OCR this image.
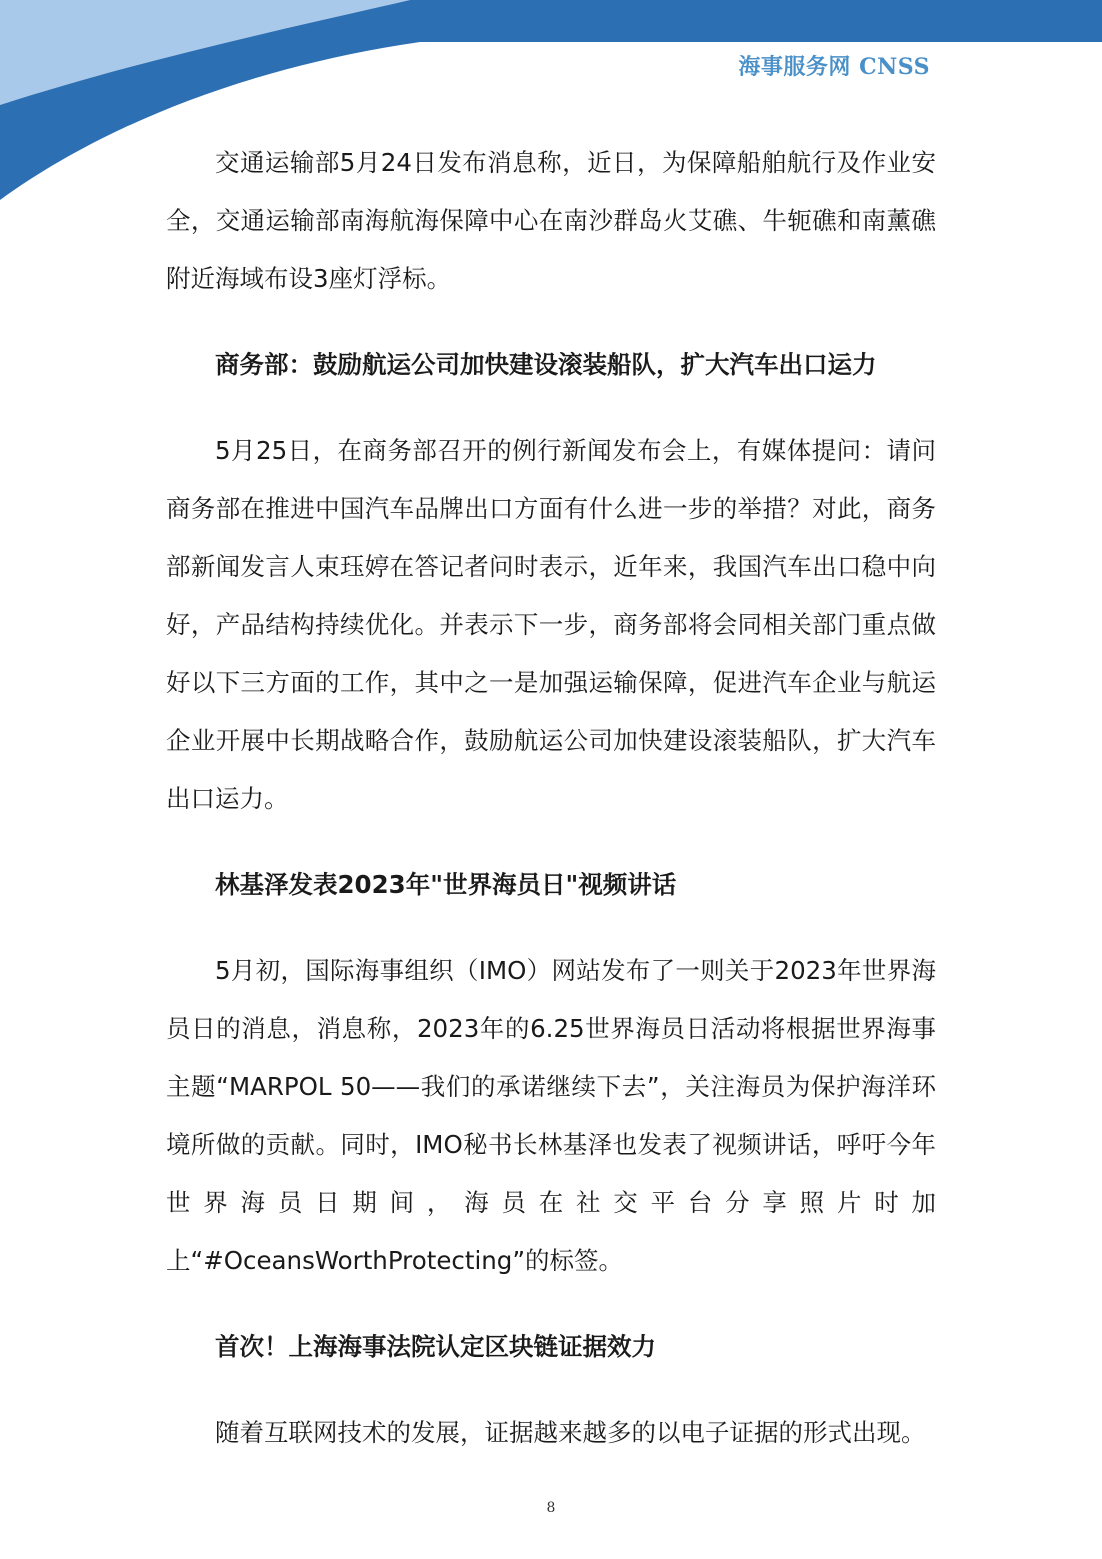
海事服务网 CNSS

交通运输部5月24日发布消息称，近日，为保障船舶航行及作业安全，交通运输部南海航海保障中心在南沙群岛火艾礁、牛轭礁和南薰礁附近海域布设3座灯浮标。

商务部：鼓励航运公司加快建设滚装船队，扩大汽车出口运力

5月25日，在商务部召开的例行新闻发布会上，有媒体提问：请问商务部在推进中国汽车品牌出口方面有什么进一步的举措？对此，商务部新闻发言人束珏婷在答记者问时表示，近年来，我国汽车出口稳中向好，产品结构持续优化。并表示下一步，商务部将会同相关部门重点做好以下三方面的工作，其中之一是加强运输保障，促进汽车企业与航运企业开展中长期战略合作，鼓励航运公司加快建设滚装船队，扩大汽车出口运力。

林基泽发表2023年"世界海员日"视频讲话

5月初，国际海事组织（IMO）网站发布了一则关于2023年世界海员日的消息，消息称，2023年的6.25世界海员日活动将根据世界海事主题“MARPOL 50——我们的承诺继续下去”，关注海员为保护海洋环境所做的贡献。同时，IMO秘书长林基泽也发表了视频讲话，呼吁今年世界海员日期间，海员在社交平台分享照片时加上“#OceansWorthProtecting”的标签。

首次！上海海事法院认定区块链证据效力

随着互联网技术的发展，证据越来越多的以电子证据的形式出现。

8
